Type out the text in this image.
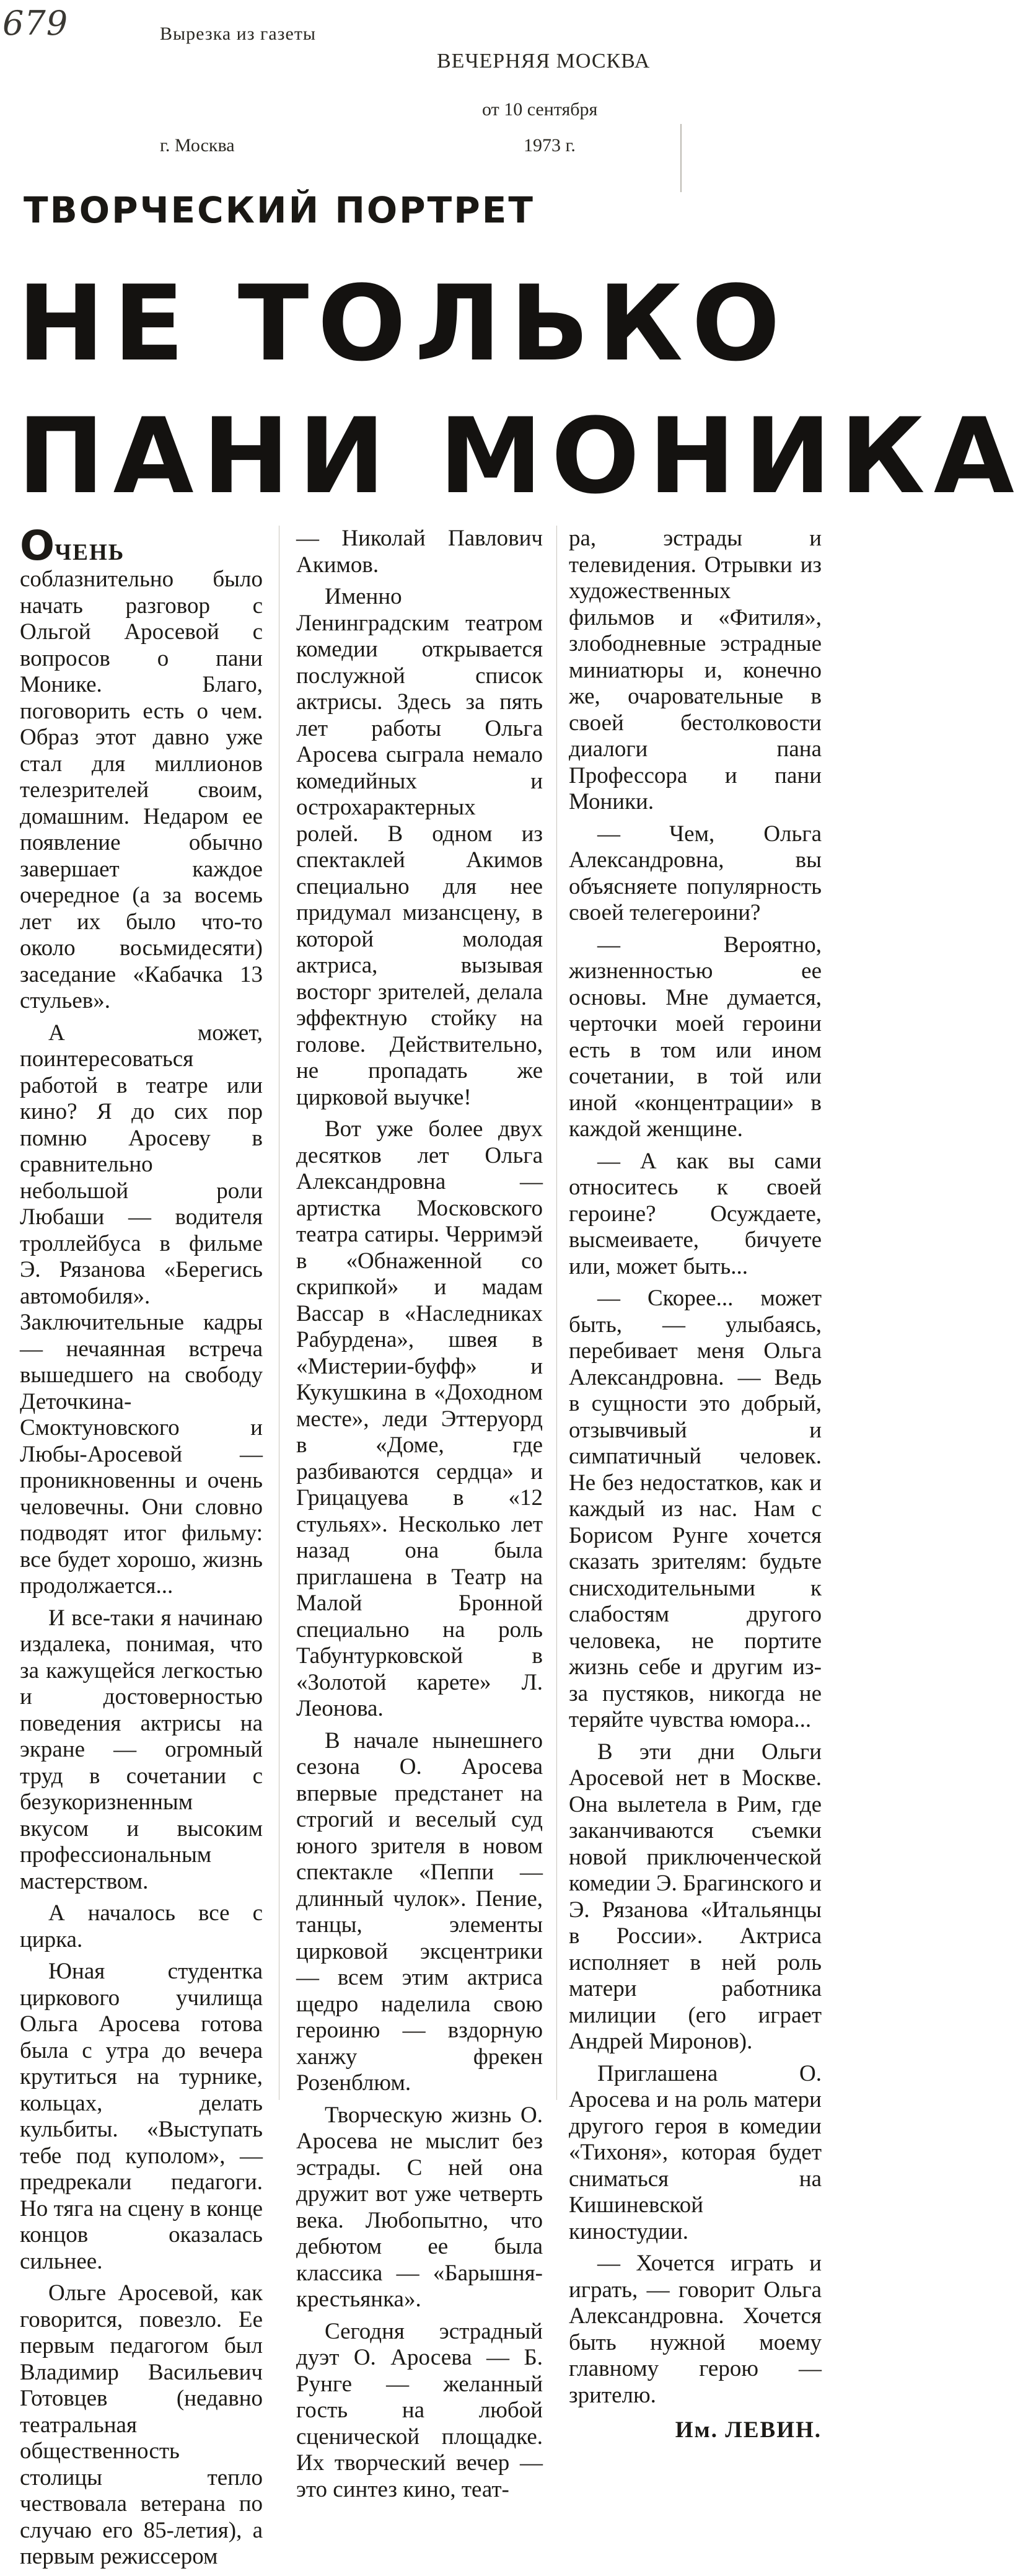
679	Вырезка из газеты
ВЕЧЕРНЯЯ МОСКВА
от 10 сентября
г. Москва	1973 г.
ТВОРЧЕСКИЙ ПОРТРЕТ
НЕ ТОЛЬКО
ПАНИ МОНИКА

ОЧЕНЬ соблазнительно было начать разговор с Ольгой Аросевой с вопросов о пани Монике. Благо, поговорить есть о чем. Образ этот давно уже стал для миллионов телезрителей своим, домашним. Недаром ее появление обычно завершает каждое очередное (а за восемь лет их было что-то около восьмидесяти) заседание «Кабачка 13 стульев».

А может, поинтересоваться работой в театре или кино? Я до сих пор помню Аросеву в сравнительно небольшой роли Любаши — водителя троллейбуса в фильме Э. Рязанова «Берегись автомобиля». Заключительные кадры — нечаянная встреча вышедшего на свободу Деточкина-Смоктуновского и Любы-Аросевой — проникновенны и очень человечны. Они словно подводят итог фильму: все будет хорошо, жизнь продолжается...

И все-таки я начинаю издалека, понимая, что за кажущейся легкостью и достоверностью поведения актрисы на экране — огромный труд в сочетании с безукоризненным вкусом и высоким профессиональным мастерством.

А началось все с цирка.

Юная студентка циркового училища Ольга Аросева готова была с утра до вечера крутиться на турнике, кольцах, делать кульбиты. «Выступать тебе под куполом», — предрекали педагоги. Но тяга на сцену в конце концов оказалась сильнее.

Ольге Аросевой, как говорится, повезло. Ее первым педагогом был Владимир Васильевич Готовцев (недавно театральная общественность столицы тепло чествовала ветерана по случаю его 85-летия), а первым режиссером

— Николай Павлович Акимов.

Именно Ленинградским театром комедии открывается послужной список актрисы. Здесь за пять лет работы Ольга Аросева сыграла немало комедийных и острохарактерных ролей. В одном из спектаклей Акимов специально для нее придумал мизансцену, в которой молодая актриса, вызывая восторг зрителей, делала эффектную стойку на голове. Действительно, не пропадать же цирковой выучке!

Вот уже более двух десятков лет Ольга Александровна — артистка Московского театра сатиры. Черримэй в «Обнаженной со скрипкой» и мадам Вассар в «Наследниках Рабурдена», швея в «Мистерии-буфф» и Кукушкина в «Доходном месте», леди Эттеруорд в «Доме, где разбиваются сердца» и Грицацуева в «12 стульях». Несколько лет назад она была приглашена в Театр на Малой Бронной специально на роль Табунтурковской в «Золотой карете» Л. Леонова.

В начале нынешнего сезона О. Аросева впервые предстанет на строгий и веселый суд юного зрителя в новом спектакле «Пеппи — длинный чулок». Пение, танцы, элементы цирковой эксцентрики — всем этим актриса щедро наделила свою героиню — вздорную ханжу фрекен Розенблюм.

Творческую жизнь О. Аросева не мыслит без эстрады. С ней она дружит вот уже четверть века. Любопытно, что дебютом ее была классика — «Барышня-крестьянка».

Сегодня эстрадный дуэт О. Аросева — Б. Рунге — желанный гость на любой сценической площадке. Их творческий вечер — это синтез кино, теат-

ра, эстрады и телевидения. Отрывки из художественных фильмов и «Фитиля», злободневные эстрадные миниатюры и, конечно же, очаровательные в своей бестолковости диалоги пана Профессора и пани Моники.

— Чем, Ольга Александровна, вы объясняете популярность своей телегероини?

— Вероятно, жизненностью ее основы. Мне думается, черточки моей героини есть в том или ином сочетании, в той или иной «концентрации» в каждой женщине.

— А как вы сами относитесь к своей героине? Осуждаете, высмеиваете, бичуете или, может быть...

— Скорее... может быть, — улыбаясь, перебивает меня Ольга Александровна. — Ведь в сущности это добрый, отзывчивый и симпатичный человек. Не без недостатков, как и каждый из нас. Нам с Борисом Рунге хочется сказать зрителям: будьте снисходительными к слабостям другого человека, не портите жизнь себе и другим из-за пустяков, никогда не теряйте чувства юмора...

В эти дни Ольги Аросевой нет в Москве. Она вылетела в Рим, где заканчиваются съемки новой приключенческой комедии Э. Брагинского и Э. Рязанова «Итальянцы в России». Актриса исполняет в ней роль матери работника милиции (его играет Андрей Миронов).

Приглашена О. Аросева и на роль матери другого героя в комедии «Тихоня», которая будет сниматься на Кишиневской киностудии.

— Хочется играть и играть, — говорит Ольга Александровна. Хочется быть нужной моему главному герою — зрителю.

Им. ЛЕВИН.
